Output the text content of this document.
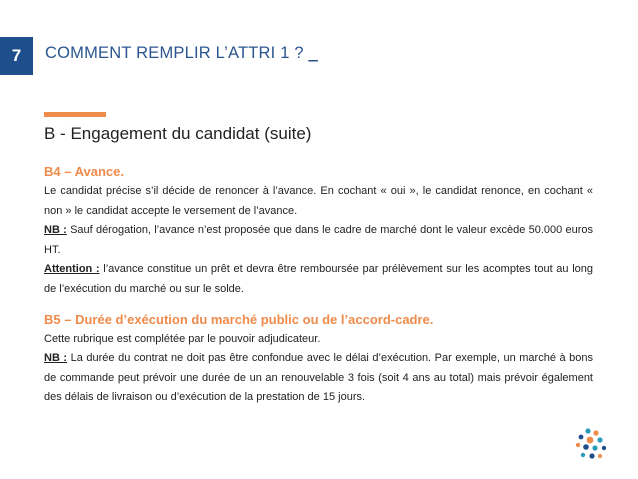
7 COMMENT REMPLIR L’ATTRI 1 ? _
B - Engagement du candidat (suite)
B4 – Avance.
Le candidat précise s’il décide de renoncer à l’avance. En cochant « oui », le candidat renonce, en cochant « non » le candidat accepte le versement de l’avance.
NB : Sauf dérogation, l’avance n’est proposée que dans le cadre de marché dont le valeur excède 50.000 euros HT.
Attention : l’avance constitue un prêt et devra être remboursée par prélèvement sur les acomptes tout au long de l’exécution du marché ou sur le solde.
B5 – Durée d’exécution du marché public ou de l’accord-cadre.
Cette rubrique est complétée par le pouvoir adjudicateur.
NB : La durée du contrat ne doit pas être confondue avec le délai d’exécution. Par exemple, un marché à bons de commande peut prévoir une durée de un an renouvelable 3 fois (soit 4 ans au total) mais prévoir également des délais de livraison ou d’exécution de la prestation de 15 jours.
